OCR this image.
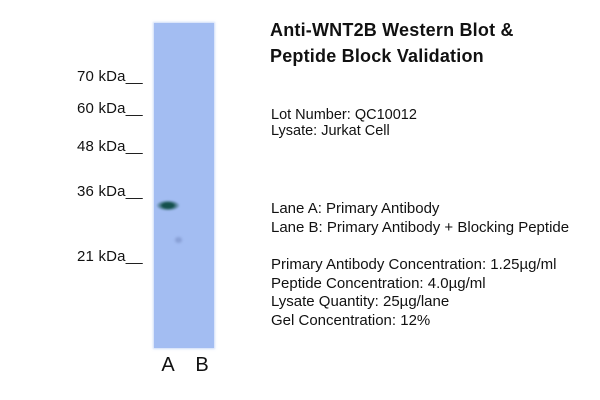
70 kDa__
60 kDa__
48 kDa__
36 kDa__
21 kDa__
A B
Anti-WNT2B Western Blot &
Peptide Block Validation
Lot Number: QC10012
Lysate: Jurkat Cell
Lane A: Primary Antibody
Lane B: Primary Antibody + Blocking Peptide
Primary Antibody Concentration: 1.25µg/ml
Peptide Concentration: 4.0µg/ml
Lysate Quantity: 25µg/lane
Gel Concentration: 12%
